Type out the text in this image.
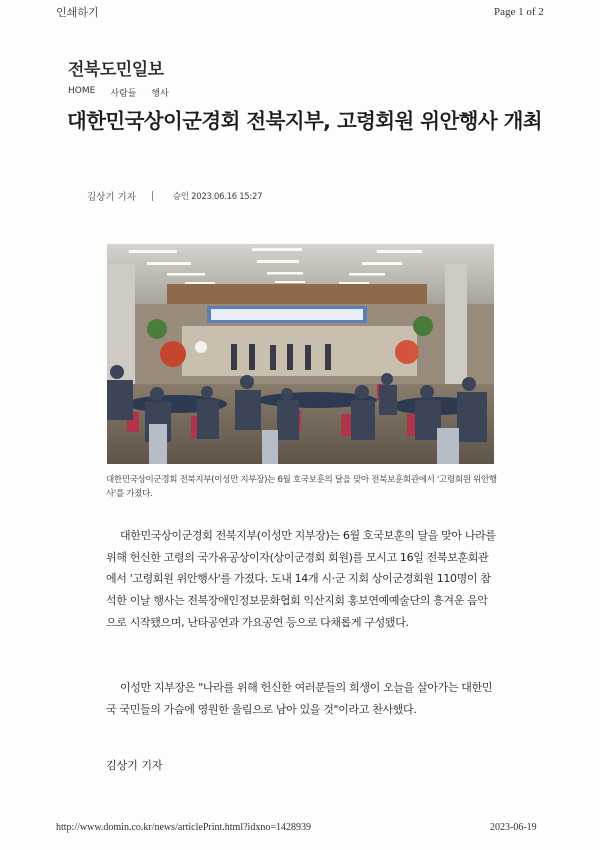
인쇄하기	Page 1 of 2
전북도민일보
HOME 사람들 행사
대한민국상이군경회 전북지부, 고령회원 위안행사 개최
김상기 기자	승인 2023.06.16 15:27

대한민국상이군경회 전북지부(이성만 지부장)는 6월 호국보훈의 달을 맞아 전북보훈회관에서 '고령회원 위안행사'를 가졌다.

대한민국상이군경회 전북지부(이성만 지부장)는 6월 호국보훈의 달을 맞아 나라를 위해 헌신한 고령의 국가유공상이자(상이군경회 회원)를 모시고 16일 전북보훈회관에서 '고령회원 위안행사'를 가졌다. 도내 14개 시·군 지회 상이군경회원 110명이 참석한 이날 행사는 전북장애인정보문화협회 익산지회 홍보연예예술단의 흥겨운 음악으로 시작됐으며, 난타공연과 가요공연 등으로 다채롭게 구성됐다.

이성만 지부장은 "나라를 위해 헌신한 여러분들의 희생이 오늘을 살아가는 대한민국 국민들의 가슴에 영원한 울림으로 남아 있을 것"이라고 찬사했다.

김상기 기자
http://www.domin.co.kr/news/articlePrint.html?idxno=1428939	2023-06-19
